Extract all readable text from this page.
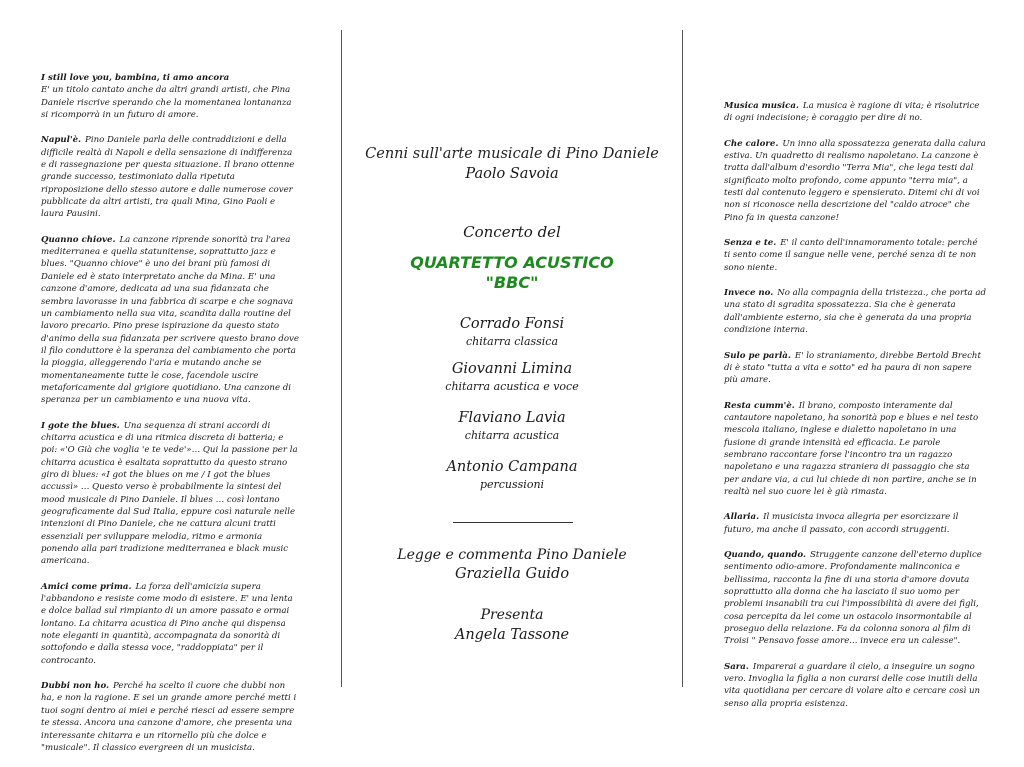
I still love you, bambina, ti amo ancora
E' un titolo cantato anche da altri grandi artisti, che Pina Daniele riscrive sperando che la momentanea lontananza si ricomporrà in un futuro di amore.
Napul'è. Pino Daniele parla delle contraddizioni e della difficile realtà di Napoli e della sensazione di indifferenza e di rassegnazione per questa situazione. Il brano ottenne grande successo, testimoniato dalla ripetuta riproposizione dello stesso autore e dalle numerose cover pubblicate da altri artisti, tra quali Mina, Gino Paoli e laura Pausini.
Quanno chiove. La canzone riprende sonorità tra l'area mediterranea e quella statunitense, soprattutto jazz e blues. "Quanno chiove" è uno dei brani più famosi di Daniele ed è stato interpretato anche da Mina. E' una canzone d'amore, dedicata ad una sua fidanzata che sembra lavorasse in una fabbrica di scarpe e che sognava un cambiamento nella sua vita, scandita dalla routine del lavoro precario. Pino prese ispirazione da questo stato d'animo della sua fidanzata per scrivere questo brano dove il filo conduttore è la speranza del cambiamento che porta la pioggia, alleggerendo l'aria e mutando anche se momentaneamente tutte le cose, facendole uscire metaforicamente dal grigiore quotidiano. Una canzone di speranza per un cambiamento e una nuova vita.
I gote the blues. Una sequenza di strani accordi di chitarra acustica e di una ritmica discreta di batteria; e poi: «'O Già che voglia 'e te vede'»… Qui la passione per la chitarra acustica è esaltata soprattutto da questo strano giro di blues: «I got the blues on me / I got the blues accussì» … Questo verso è probabilmente la sintesi del mood musicale di Pino Daniele. Il blues … così lontano geograficamente dal Sud Italia, eppure così naturale nelle intenzioni di Pino Daniele, che ne cattura alcuni tratti essenziali per sviluppare melodia, ritmo e armonia ponendo alla pari tradizione mediterranea e black music americana.
Amici come prima. La forza dell'amicizia supera l'abbandono e resiste come modo di esistere. E' una lenta e dolce ballad sul rimpianto di un amore passato e ormai lontano. La chitarra acustica di Pino anche qui dispensa note eleganti in quantità, accompagnata da sonorità di sottofondo e dalla stessa voce, "raddoppiata" per il controcanto.
Dubbi non ho. Perché ha scelto il cuore che dubbi non ha, e non la ragione. E sei un grande amore perché metti i tuoi sogni dentro ai miei e perché riesci ad essere sempre te stessa. Ancora una canzone d'amore, che presenta una interessante chitarra e un ritornello più che dolce e "musicale". Il classico evergreen di un musicista.
Cenni sull'arte musicale di Pino Daniele
Paolo Savoia
Concerto del
QUARTETTO ACUSTICO
"BBC"
Corrado Fonsi
chitarra classica
Giovanni Limina
chitarra acustica e voce
Flaviano Lavia
chitarra acustica
Antonio Campana
percussioni
Legge e commenta Pino Daniele
Graziella Guido
Presenta
Angela Tassone
Musica musica. La musica è ragione di vita; è risolutrice di ogni indecisione; è coraggio per dire di no.
Che calore. Un inno alla spossatezza generata dalla calura estiva. Un quadretto di realismo napoletano. La canzone è tratta dall'album d'esordio "Terra Mia", che lega testi dal significato molto profondo, come appunto "terra mia", a testi dal contenuto leggero e spensierato. Ditemi chi di voi non si riconosce nella descrizione del "caldo atroce" che Pino fa in questa canzone!
Senza e te. E' il canto dell'innamoramento totale: perché ti sento come il sangue nelle vene, perché senza di te non sono niente.
Invece no. No alla compagnia della tristezza., che porta ad una stato di sgradita spossatezza. Sia che è generata dall'ambiente esterno, sia che è generata da una propria condizione interna.
Sulo pe parlà. E' lo straniamento, direbbe Bertold Brecht di è stato "tutta a vita e sotto" ed ha paura di non sapere più amare.
Resta cumm'è. Il brano, composto interamente dal cantautore napoletano, ha sonorità pop e blues e nel testo mescola italiano, inglese e dialetto napoletano in una fusione di grande intensità ed efficacia. Le parole sembrano raccontare forse l'incontro tra un ragazzo napoletano e una ragazza straniera di passaggio che sta per andare via, a cui lui chiede di non partire, anche se in realtà nel suo cuore lei è già rimasta.
Allaria. Il musicista invoca allegria per esorcizzare il futuro, ma anche il passato, con accordi struggenti.
Quando, quando. Struggente canzone dell'eterno duplice sentimento odio-amore. Profondamente malinconica e bellissima, racconta la fine di una storia d'amore dovuta soprattutto alla donna che ha lasciato il suo uomo per problemi insanabili tra cui l'impossibilità di avere dei figli, cosa percepita da lei come un ostacolo insormontabile al proseguo della relazione. Fa da colonna sonora al film di Troisi " Pensavo fosse amore... invece era un calesse".
Sara. Imparerai a guardare il cielo, a inseguire un sogno vero. Invoglia la figlia a non curarsi delle cose inutili della vita quotidiana per cercare di volare alto e cercare così un senso alla propria esistenza.
